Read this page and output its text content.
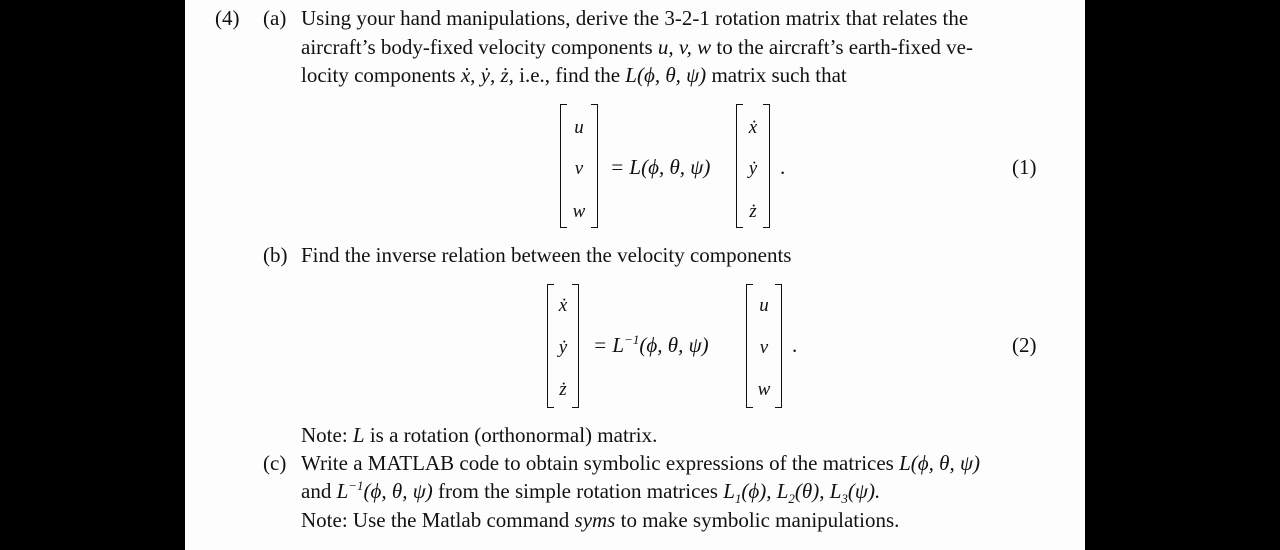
(4) (a) Using your hand manipulations, derive the 3-2-1 rotation matrix that relates the
aircraft’s body-fixed velocity components u, v, w to the aircraft’s earth-fixed ve-
locity components ẋ, ẏ, ż, i.e., find the L(ϕ, θ, ψ) matrix such that
u
v
w
= L(ϕ, θ, ψ)
ẋ
ẏ
ż
.	(1)
(b) Find the inverse relation between the velocity components
ẋ
ẏ
ż
= $L^{-1}(\phi$, θ, ψ)
u
v
w
.	(2)
Note: L is a rotation (orthonormal) matrix.
(c) Write a MATLAB code to obtain symbolic expressions of the matrices L(ϕ, θ, ψ)
and $L^{-1}(\phi$, θ, ψ) from the simple rotation matrices $L_1(\phi)$, $L_2(\theta)$, $L_3(\psi)$.
Note: Use the Matlab command syms to make symbolic manipulations.
